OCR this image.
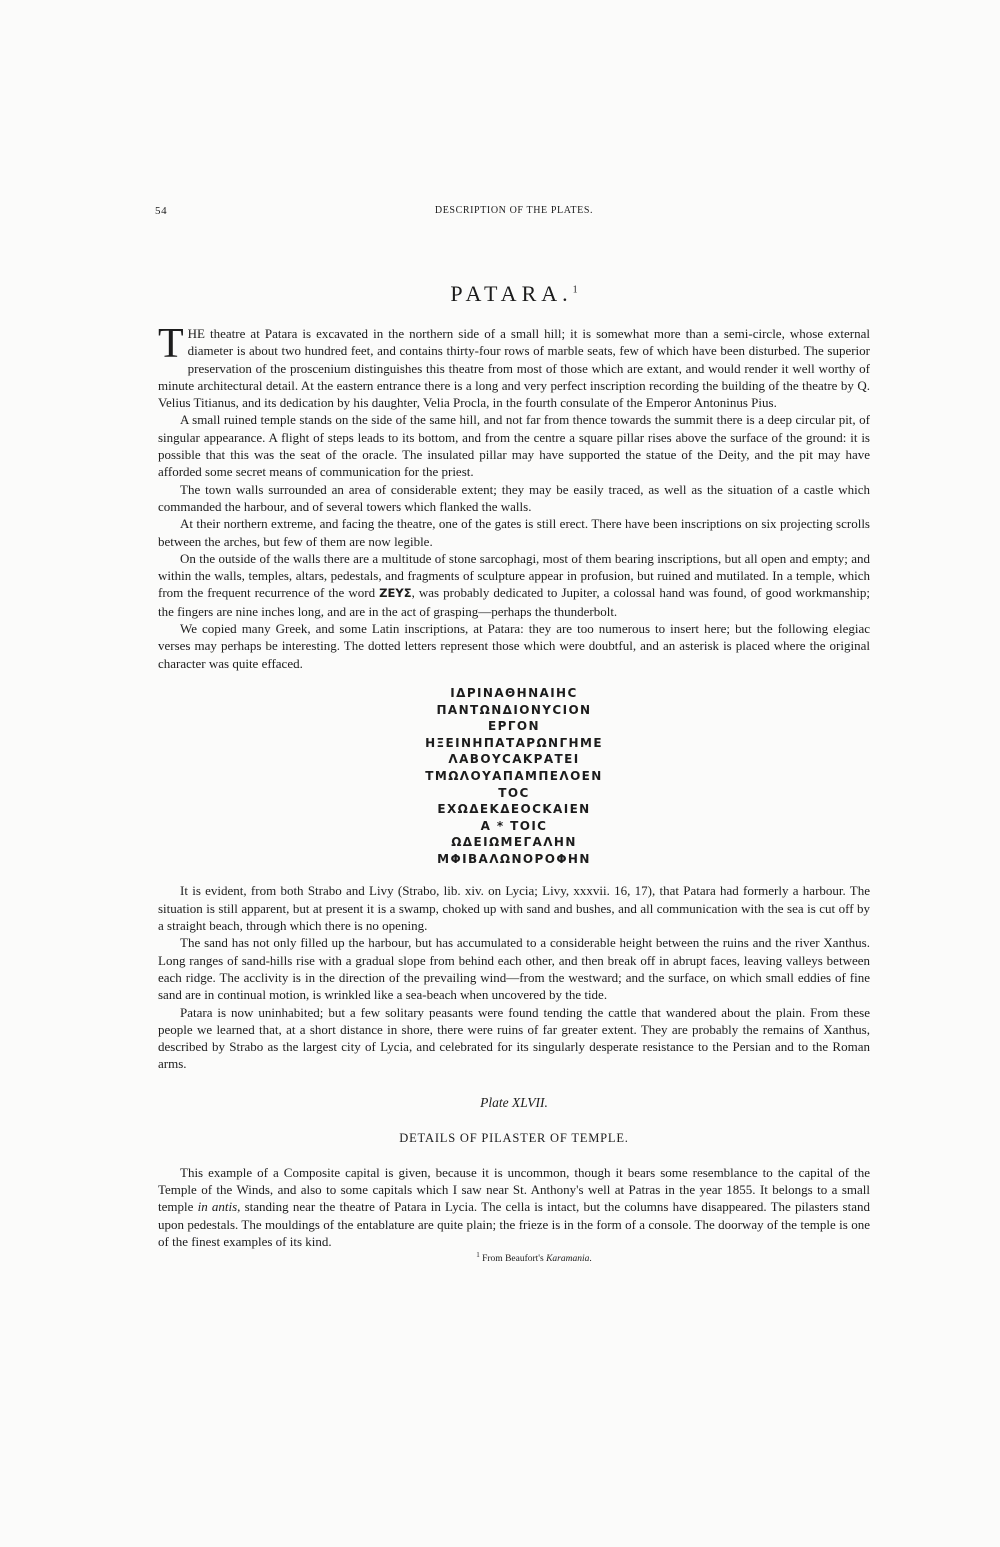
54	DESCRIPTION OF THE PLATES.
PATARA.$^1$

THE theatre at Patara is excavated in the northern side of a small hill; it is somewhat more than a semi-circle, whose external diameter is about two hundred feet, and contains thirty-four rows of marble seats, few of which have been disturbed. The superior preservation of the proscenium distinguishes this theatre from most of those which are extant, and would render it well worthy of minute architectural detail. At the eastern entrance there is a long and very perfect inscription recording the building of the theatre by Q. Velius Titianus, and its dedication by his daughter, Velia Procla, in the fourth consulate of the Emperor Antoninus Pius.

A small ruined temple stands on the side of the same hill, and not far from thence towards the summit there is a deep circular pit, of singular appearance. A flight of steps leads to its bottom, and from the centre a square pillar rises above the surface of the ground: it is possible that this was the seat of the oracle. The insulated pillar may have supported the statue of the Deity, and the pit may have afforded some secret means of communication for the priest.

The town walls surrounded an area of considerable extent; they may be easily traced, as well as the situation of a castle which commanded the harbour, and of several towers which flanked the walls.

At their northern extreme, and facing the theatre, one of the gates is still erect. There have been inscriptions on six projecting scrolls between the arches, but few of them are now legible.

On the outside of the walls there are a multitude of stone sarcophagi, most of them bearing inscriptions, but all open and empty; and within the walls, temples, altars, pedestals, and fragments of sculpture appear in profusion, but ruined and mutilated. In a temple, which from the frequent recurrence of the word ΖΕΥΣ, was probably dedicated to Jupiter, a colossal hand was found, of good workmanship; the fingers are nine inches long, and are in the act of grasping—perhaps the thunderbolt.

We copied many Greek, and some Latin inscriptions, at Patara: they are too numerous to insert here; but the following elegiac verses may perhaps be interesting. The dotted letters represent those which were doubtful, and an asterisk is placed where the original character was quite effaced.

ΙΔΡΙΝΑΘΗΝΑΙΗC
ΠΑΝΤΩΝΔΙΟΝΥCΙΟΝ
ΕΡΓΟΝ
ΗΞΕΙΝΗΠΑΤΑΡΩΝΓΗΜΕ
ΛΑΒΟΥCΑΚΡΑΤΕΙ
ΤΜΩΛΟΥΑΠΑΜΠΕΛΟΕΝ
ΤΟC
ΕΧΩΔΕΚΔΕΟCΚΑΙΕΝ
Α * ΤΟΙC
ΩΔΕΙΩΜΕΓΑΛΗΝ
ΜΦΙΒΑΛΩΝΟΡΟΦΗΝ

It is evident, from both Strabo and Livy (Strabo, lib. xiv. on Lycia; Livy, xxxvii. 16, 17), that Patara had formerly a harbour. The situation is still apparent, but at present it is a swamp, choked up with sand and bushes, and all communication with the sea is cut off by a straight beach, through which there is no opening.

The sand has not only filled up the harbour, but has accumulated to a considerable height between the ruins and the river Xanthus. Long ranges of sand-hills rise with a gradual slope from behind each other, and then break off in abrupt faces, leaving valleys between each ridge. The acclivity is in the direction of the prevailing wind—from the westward; and the surface, on which small eddies of fine sand are in continual motion, is wrinkled like a sea-beach when uncovered by the tide.

Patara is now uninhabited; but a few solitary peasants were found tending the cattle that wandered about the plain. From these people we learned that, at a short distance in shore, there were ruins of far greater extent. They are probably the remains of Xanthus, described by Strabo as the largest city of Lycia, and celebrated for its singularly desperate resistance to the Persian and to the Roman arms.

Plate XLVII.
DETAILS OF PILASTER OF TEMPLE.

This example of a Composite capital is given, because it is uncommon, though it bears some resemblance to the capital of the Temple of the Winds, and also to some capitals which I saw near St. Anthony's well at Patras in the year 1855. It belongs to a small temple in antis, standing near the theatre of Patara in Lycia. The cella is intact, but the columns have disappeared. The pilasters stand upon pedestals. The mouldings of the entablature are quite plain; the frieze is in the form of a console. The doorway of the temple is one of the finest examples of its kind.

$^1$ From Beaufort's Karamania.
